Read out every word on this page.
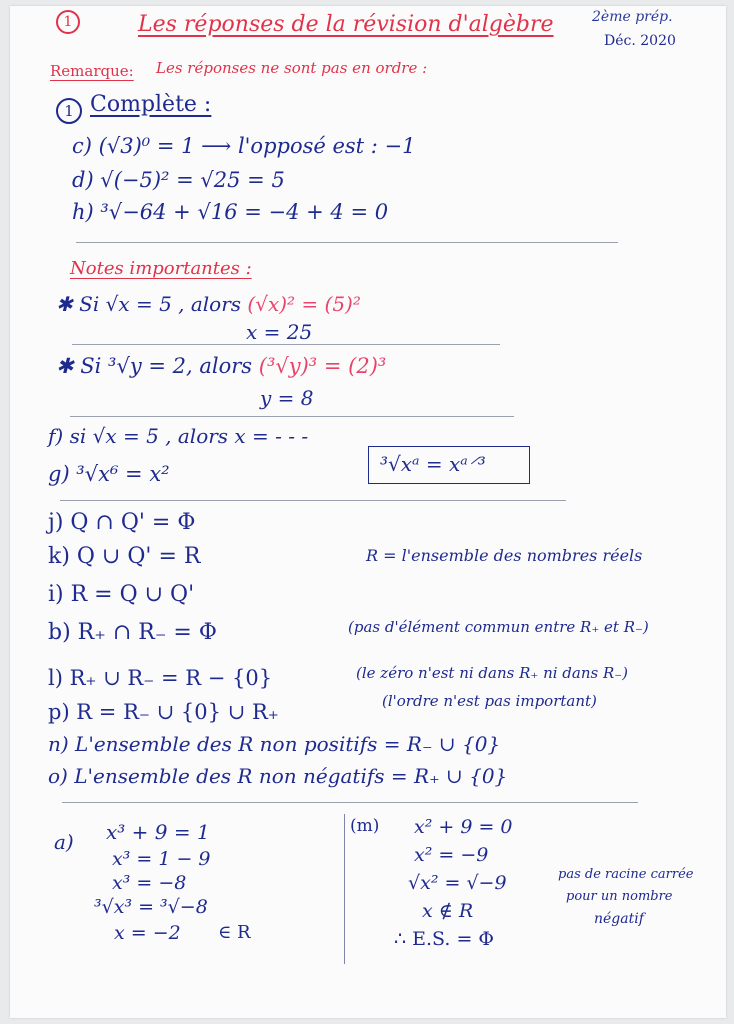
1	Les réponses de la révision d'algèbre	2ème prép.
Déc. 2020
Remarque: Les réponses ne sont pas en ordre :
1 Complète :
c) (√3)⁰ = 1 ⟶ l'opposé est : −1
d) √(−5)² = √25 = 5
h) ³√−64 + √16 = −4 + 4 = 0
Notes importantes :
✱ Si √x = 5 , alors (√x)² = (5)²
x = 25
✱ Si ³√y = 2, alors (³√y)³ = (2)³
y = 8
f) si √x = 5 , alors x = - - -
g) ³√x⁶ = x²	³√xᵃ = xᵃ⸍³
j) Q ∩ Q' = Φ
k) Q ∪ Q' = R	R = l'ensemble des nombres réels
i) R = Q ∪ Q'
b) R₊ ∩ R₋ = Φ	(pas d'élément commun entre R₊ et R₋)
l) R₊ ∪ R₋ = R − {0}	(le zéro n'est ni dans R₊ ni dans R₋)
p) R = R₋ ∪ {0} ∪ R₊	(l'ordre n'est pas important)
n) L'ensemble des R non positifs = R₋ ∪ {0}
o) L'ensemble des R non négatifs = R₊ ∪ {0}
a) x³ + 9 = 1
x³ = 1 − 9
x³ = −8
³√x³ = ³√−8
x = −2 ∈ R
(m) x² + 9 = 0
x² = −9
√x² = √−9
x ∉ R
∴ E.S. = Φ
pas de racine carrée
pour un nombre
négatif
